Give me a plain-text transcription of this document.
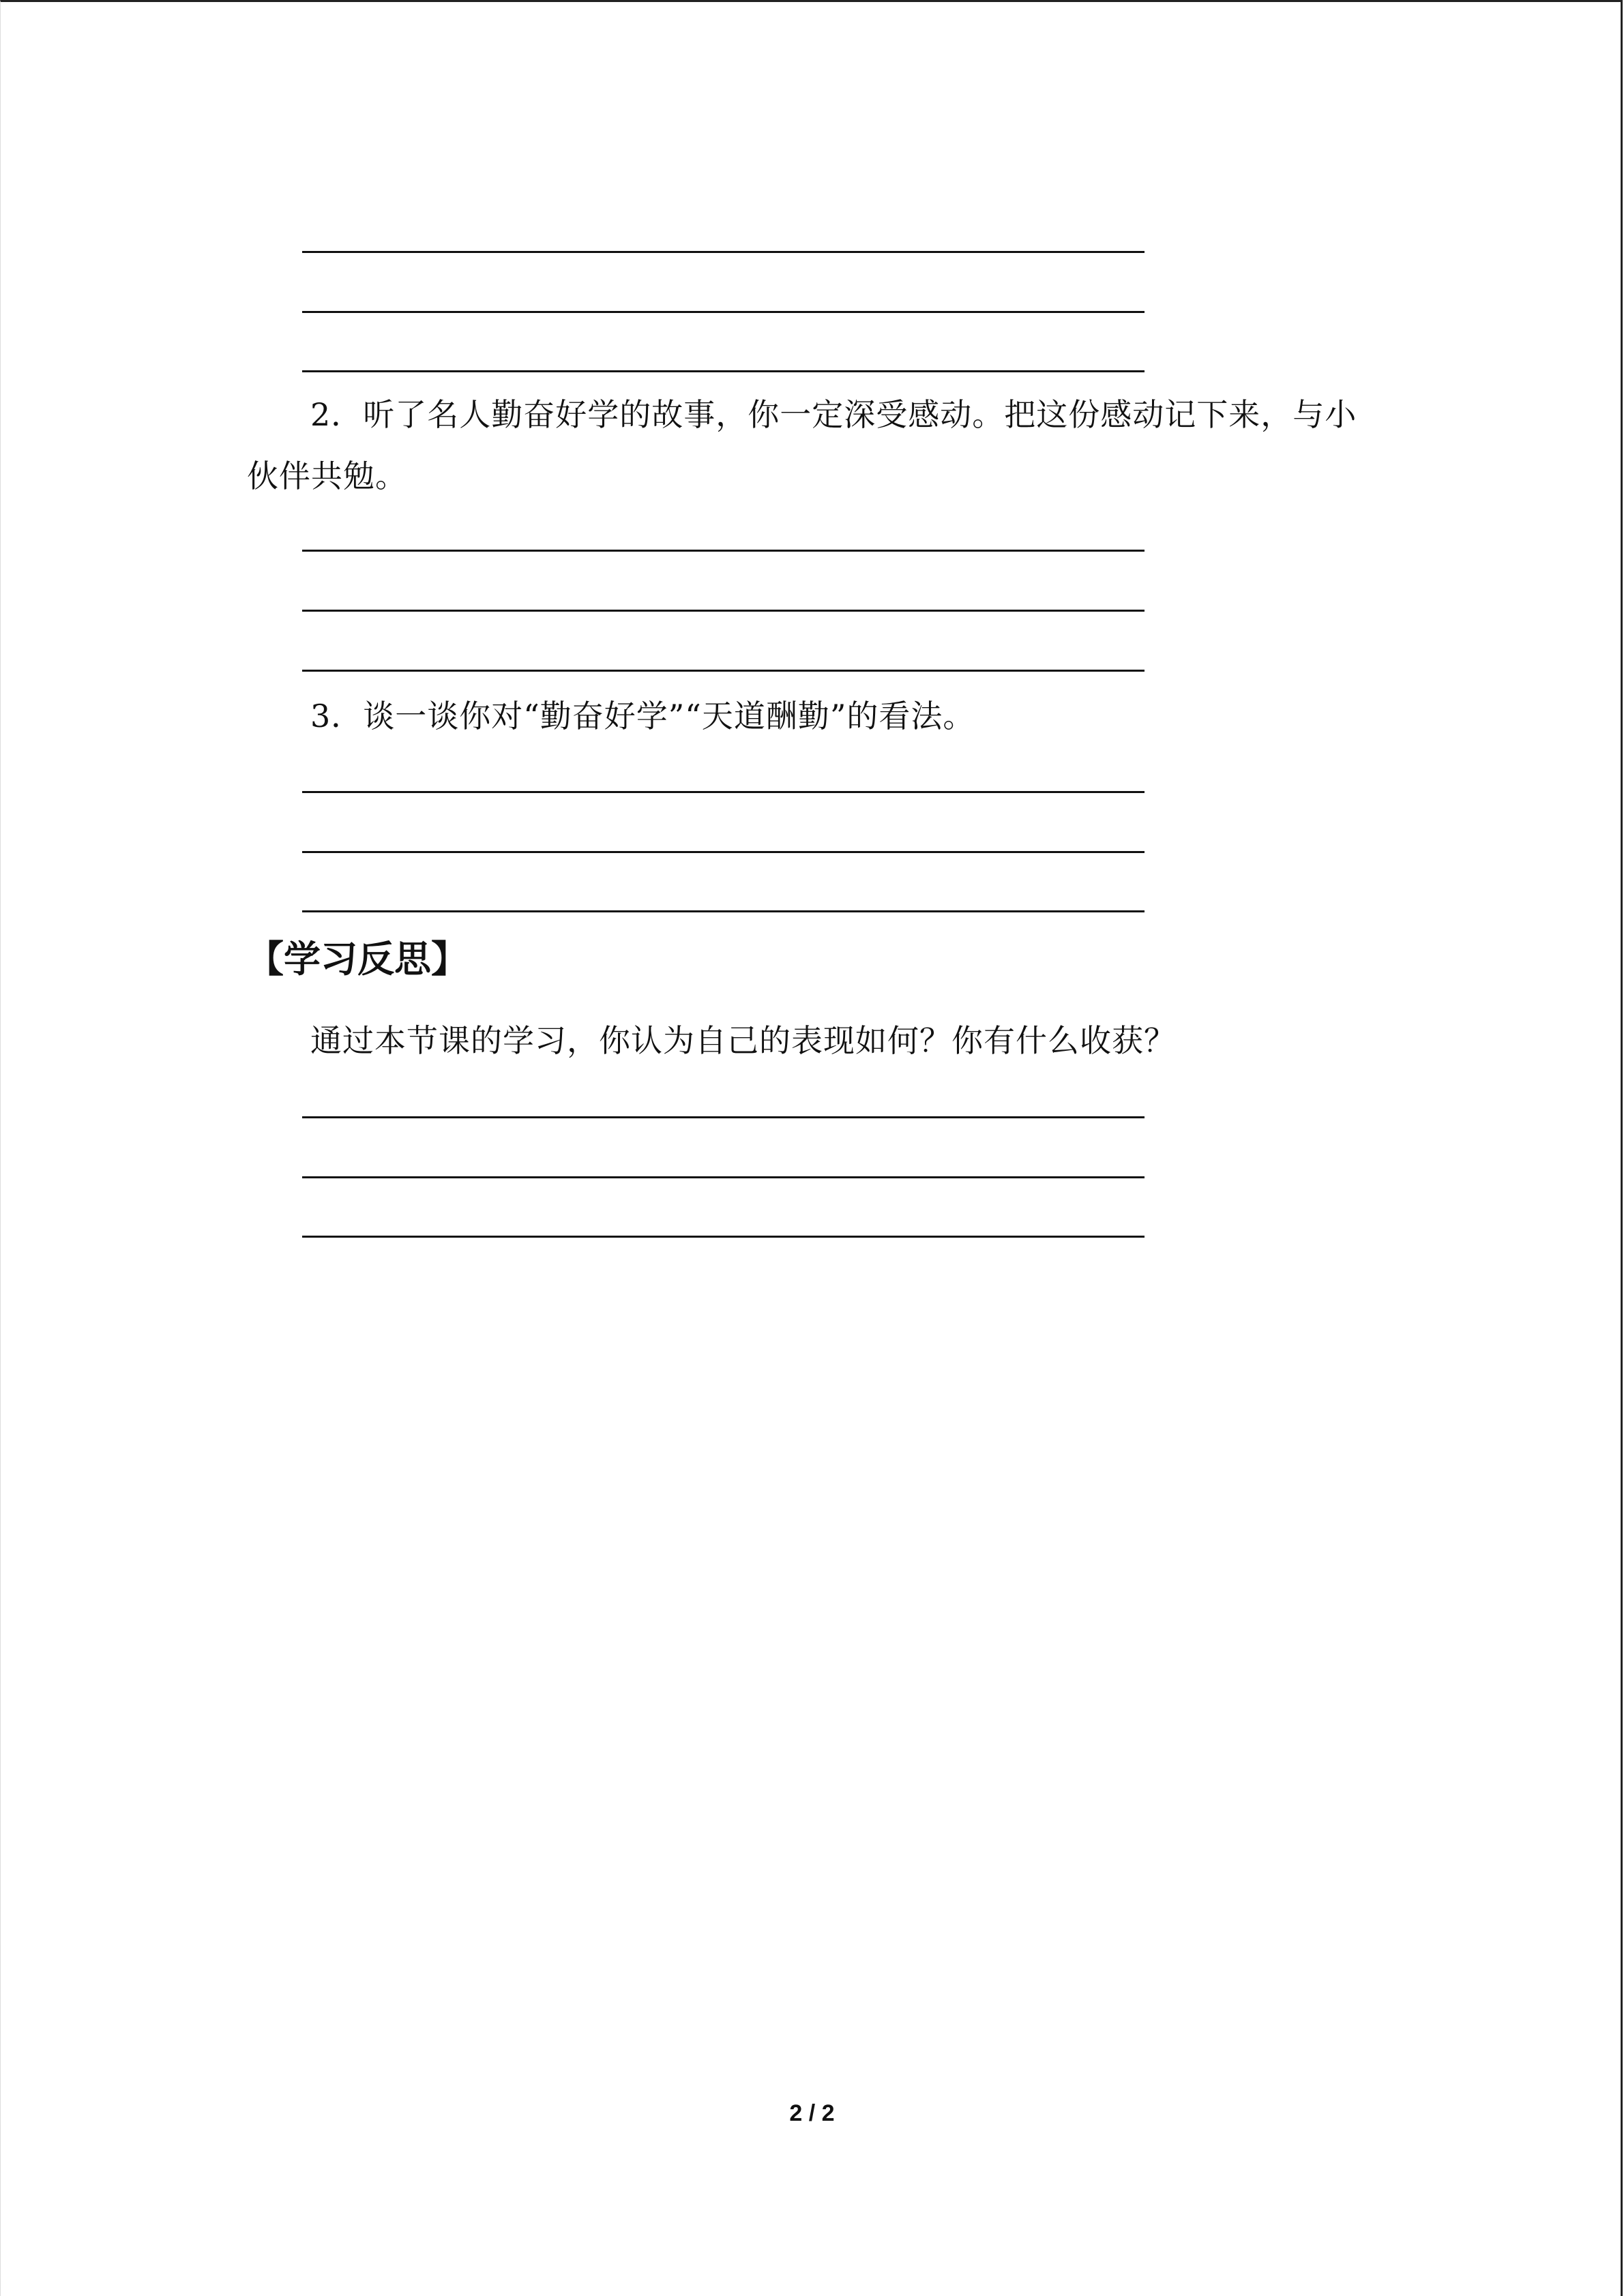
2．听了名人勤奋好学的故事，你一定深受感动。把这份感动记下来，与小
伙伴共勉。
3．谈一谈你对“勤奋好学”“天道酬勤”的看法。
【学习反思】
通过本节课的学习，你认为自己的表现如何？你有什么收获？
2 / 2
